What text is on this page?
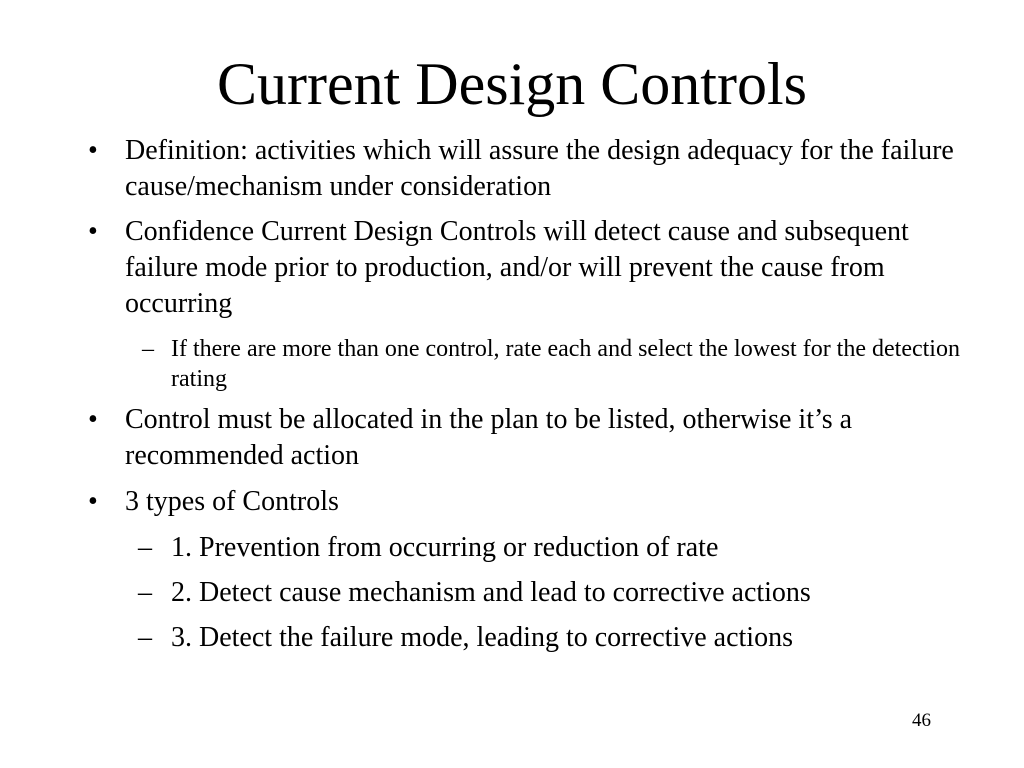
Current Design Controls
• Definition: activities which will assure the design adequacy for the failure cause/mechanism under consideration

• Confidence Current Design Controls will detect cause and subsequent failure mode prior to production, and/or will prevent the cause from occurring

– If there are more than one control, rate each and select the lowest for the detection rating

• Control must be allocated in the plan to be listed, otherwise it’s a recommended action

• 3 types of Controls

– 1. Prevention from occurring or reduction of rate

– 2. Detect cause mechanism and lead to corrective actions

– 3. Detect the failure mode, leading to corrective actions

46
